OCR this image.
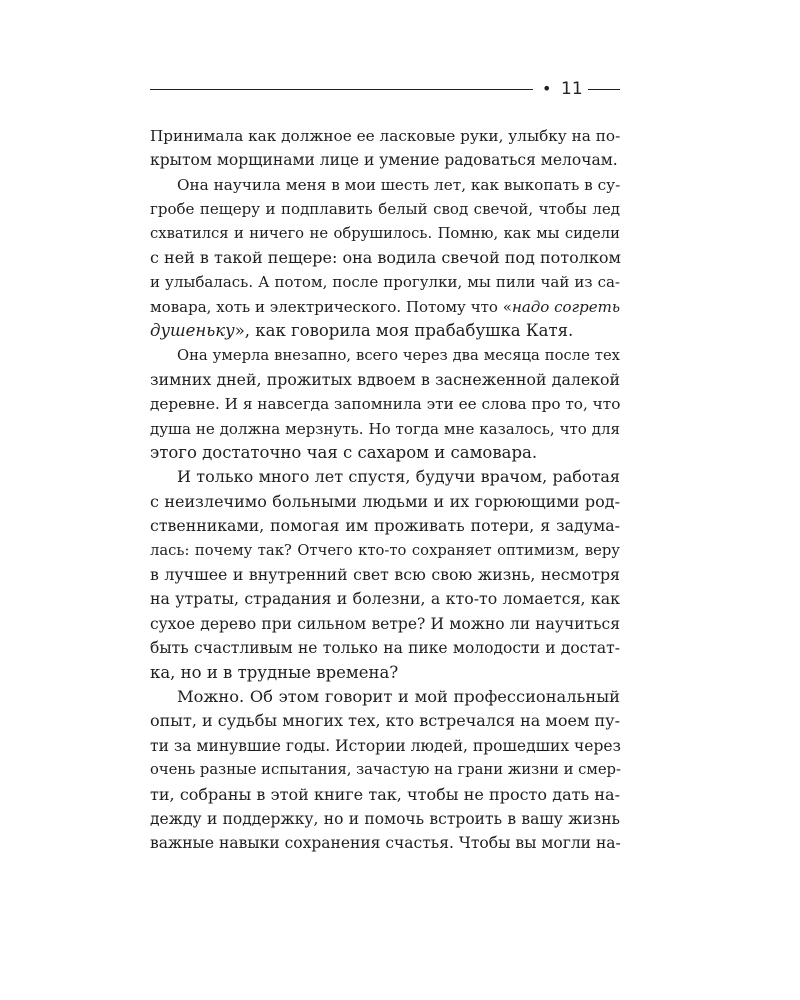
• 11
Принимала как должное ее ласковые руки, улыбку на по-
крытом морщинами лице и умение радоваться мелочам.
Она научила меня в мои шесть лет, как выкопать в су-
гробе пещеру и подплавить белый свод свечой, чтобы лед
схватился и ничего не обрушилось. Помню, как мы сидели
с ней в такой пещере: она водила свечой под потолком
и улыбалась. А потом, после прогулки, мы пили чай из са-
мовара, хоть и электрического. Потому что «надо согреть
душеньку», как говорила моя прабабушка Катя.
Она умерла внезапно, всего через два месяца после тех
зимних дней, прожитых вдвоем в заснеженной далекой
деревне. И я навсегда запомнила эти ее слова про то, что
душа не должна мерзнуть. Но тогда мне казалось, что для
этого достаточно чая с сахаром и самовара.
И только много лет спустя, будучи врачом, работая
с неизлечимо больными людьми и их горюющими род-
ственниками, помогая им проживать потери, я задума-
лась: почему так? Отчего кто-то сохраняет оптимизм, веру
в лучшее и внутренний свет всю свою жизнь, несмотря
на утраты, страдания и болезни, а кто-то ломается, как
сухое дерево при сильном ветре? И можно ли научиться
быть счастливым не только на пике молодости и достат-
ка, но и в трудные времена?
Можно. Об этом говорит и мой профессиональный
опыт, и судьбы многих тех, кто встречался на моем пу-
ти за минувшие годы. Истории людей, прошедших через
очень разные испытания, зачастую на грани жизни и смер-
ти, собраны в этой книге так, чтобы не просто дать на-
дежду и поддержку, но и помочь встроить в вашу жизнь
важные навыки сохранения счастья. Чтобы вы могли на-
